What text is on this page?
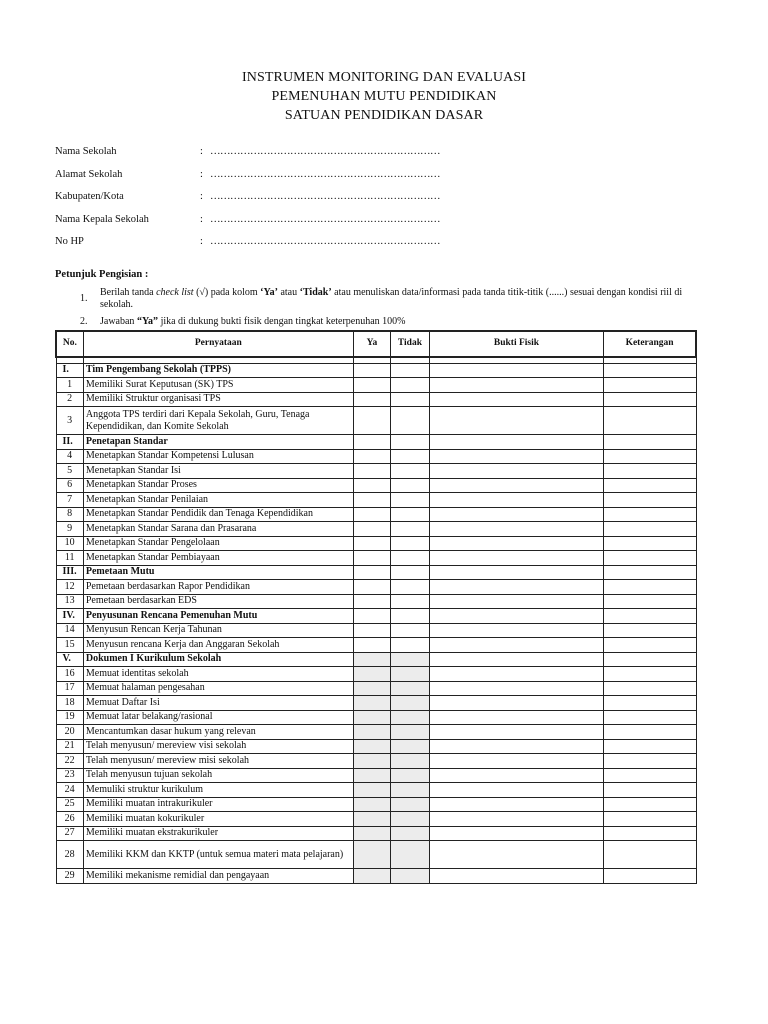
INSTRUMEN MONITORING DAN EVALUASI
PEMENUHAN MUTU PENDIDIKAN
SATUAN PENDIDIKAN DASAR
Nama Sekolah	: ……………………………………………………………
Alamat Sekolah	: ……………………………………………………………
Kabupaten/Kota	: ……………………………………………………………
Nama Kepala Sekolah	: ……………………………………………………………
No HP	: ……………………………………………………………
Petunjuk Pengisian :
1.
Berilah tanda check list (√) pada kolom ‘Ya’ atau ‘Tidak’ atau menuliskan data/informasi pada tanda titik-titik (......) sesuai dengan kondisi riil di sekolah.
2. Jawaban “Ya” jika di dukung bukti fisik dengan tingkat keterpenuhan 100%
No.	Pernyataan	Ya	Tidak	Bukti Fisik	Keterangan

I.	Tim Pengembang Sekolah (TPPS)				
1	Memiliki Surat Keputusan (SK) TPS				
2	Memiliki Struktur organisasi TPS				
3	Anggota TPS terdiri dari Kepala Sekolah, Guru, Tenaga Kependidikan, dan Komite Sekolah				
II.	Penetapan Standar				
4	Menetapkan Standar Kompetensi Lulusan				
5	Menetapkan Standar Isi				
6	Menetapkan Standar Proses				
7	Menetapkan Standar Penilaian				
8	Menetapkan Standar Pendidik dan Tenaga Kependidikan				
9	Menetapkan Standar Sarana dan Prasarana				
10	Menetapkan Standar Pengelolaan				
11	Menetapkan Standar Pembiayaan				
III.	Pemetaan Mutu				
12	Pemetaan berdasarkan Rapor Pendidikan				
13	Pemetaan berdasarkan EDS				
IV.	Penyusunan Rencana Pemenuhan Mutu				
14	Menyusun Rencan Kerja Tahunan				
15	Menyusun rencana Kerja dan Anggaran Sekolah				
V.	Dokumen I Kurikulum Sekolah				
16	Memuat identitas sekolah				
17	Memuat halaman pengesahan				
18	Memuat Daftar Isi				
19	Memuat latar belakang/rasional				
20	Mencantumkan dasar hukum yang relevan				
21	Telah menyusun/ mereview visi sekolah				
22	Telah menyusun/ mereview misi sekolah				
23	Telah menyusun tujuan sekolah				
24	Memuliki struktur kurikulum				
25	Memiliki muatan intrakurikuler				
26	Memiliki muatan kokurikuler				
27	Memiliki muatan ekstrakurikuler				
28	Memiliki KKM dan KKTP (untuk semua materi mata pelajaran)				
29	Memiliki mekanisme remidial dan pengayaan				
